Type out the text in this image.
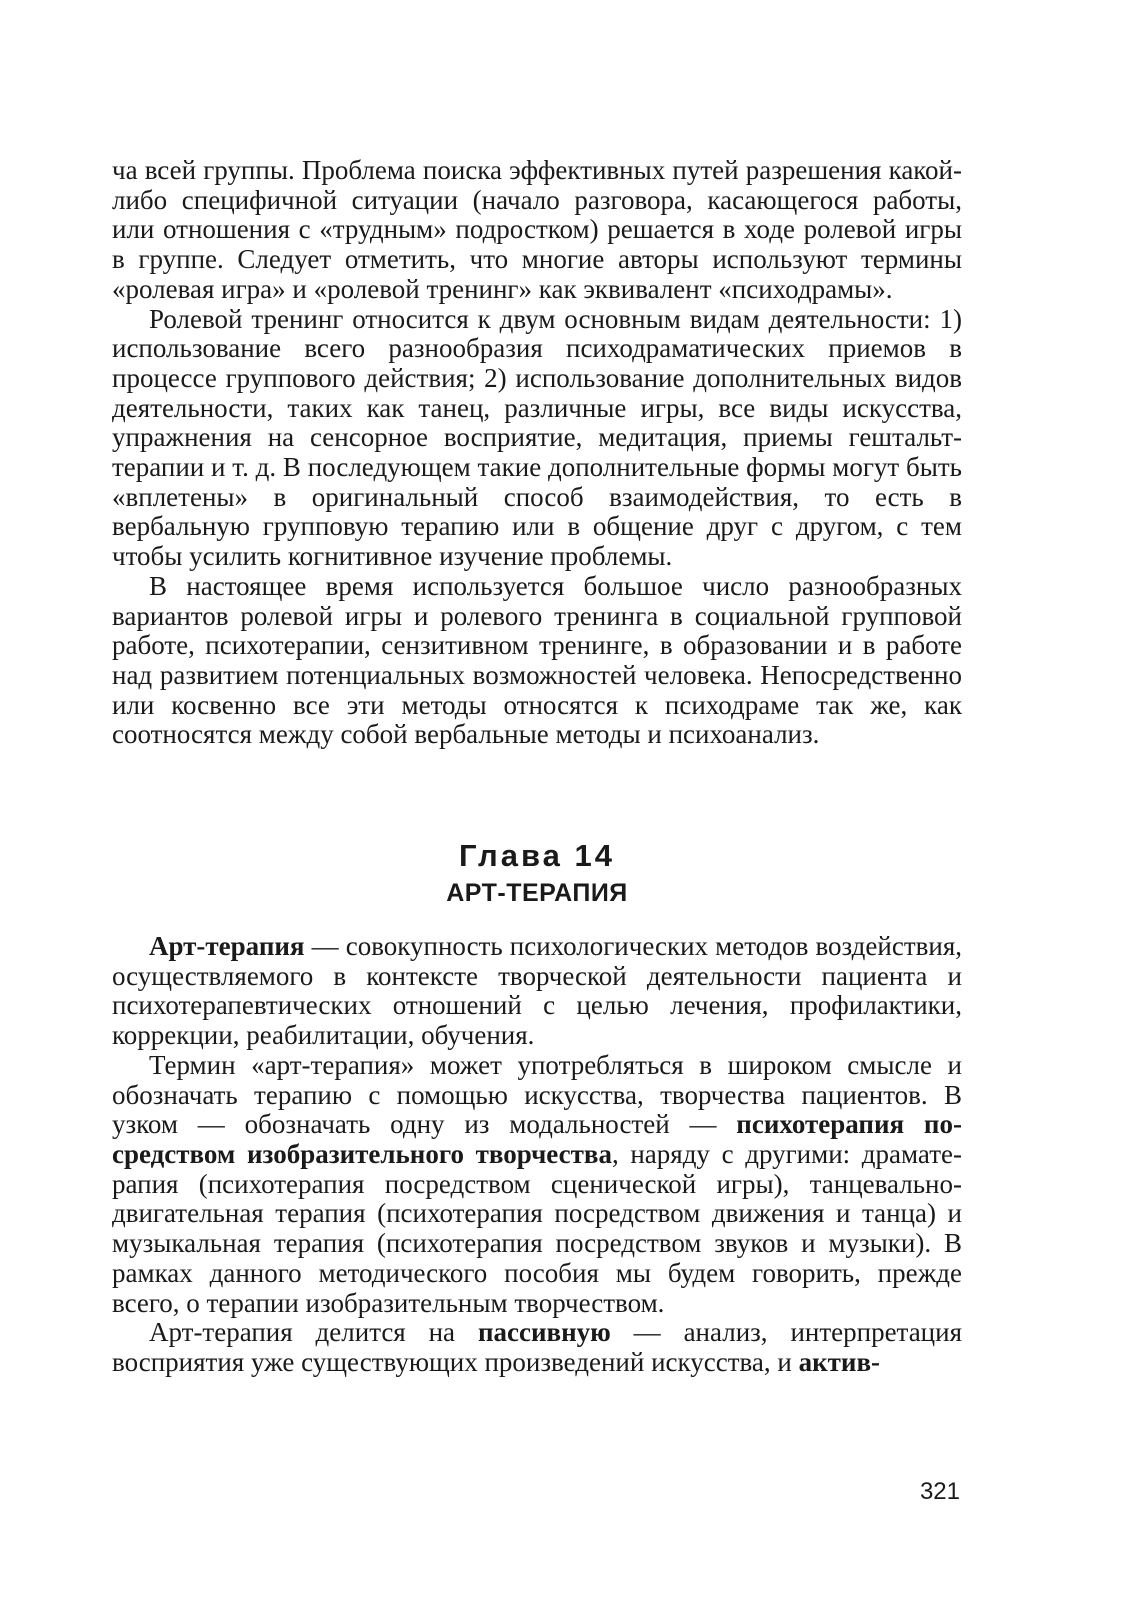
ча всей группы. Проблема поиска эффективных путей разрешения какой-либо специфичной ситуации (начало разговора, касающегося работы, или отношения с «трудным» подростком) решается в ходе ролевой игры в группе. Следует отметить, что многие авторы используют термины «ролевая игра» и «ролевой тренинг» как эквивалент «психодрамы».

Ролевой тренинг относится к двум основным видам деятельности: 1) использование всего разнообразия психодраматических приемов в процессе группового действия; 2) использование дополнительных видов деятельности, таких как танец, различные игры, все виды искусства, упражнения на сенсорное восприятие, медитация, приемы гештальт-терапии и т. д. В последующем такие дополнительные формы могут быть «вплетены» в оригинальный способ взаимодействия, то есть в вербальную групповую терапию или в общение друг с другом, с тем чтобы усилить когнитивное изучение проблемы.

В настоящее время используется большое число разнообразных вариантов ролевой игры и ролевого тренинга в социальной групповой работе, психотерапии, сензитивном тренинге, в образовании и в работе над развитием потенциальных возможностей человека. Непосредственно или косвенно все эти методы относятся к психодраме так же, как соотносятся между собой вербальные методы и психоанализ.

Глава 14
АРТ-ТЕРАПИЯ

Арт-терапия — совокупность психологических методов воздействия, осуществляемого в контексте творческой деятельности пациента и психотерапевтических отношений с целью лечения, профилактики, коррекции, реабилитации, обучения.

Термин «арт-терапия» может употребляться в широком смысле и обозначать терапию с помощью искусства, творчества пациентов. В узком — обозначать одну из модальностей — психотерапия посредством изобразительного творчества, наряду с другими: драматерапия (психотерапия посредством сценической игры), танцевально-двигательная терапия (психотерапия посредством движения и танца) и музыкальная терапия (психотерапия посредством звуков и музыки). В рамках данного методического пособия мы будем говорить, прежде всего, о терапии изобразительным творчеством.

Арт-терапия делится на пассивную — анализ, интерпретация восприятия уже существующих произведений искусства, и актив-

321
